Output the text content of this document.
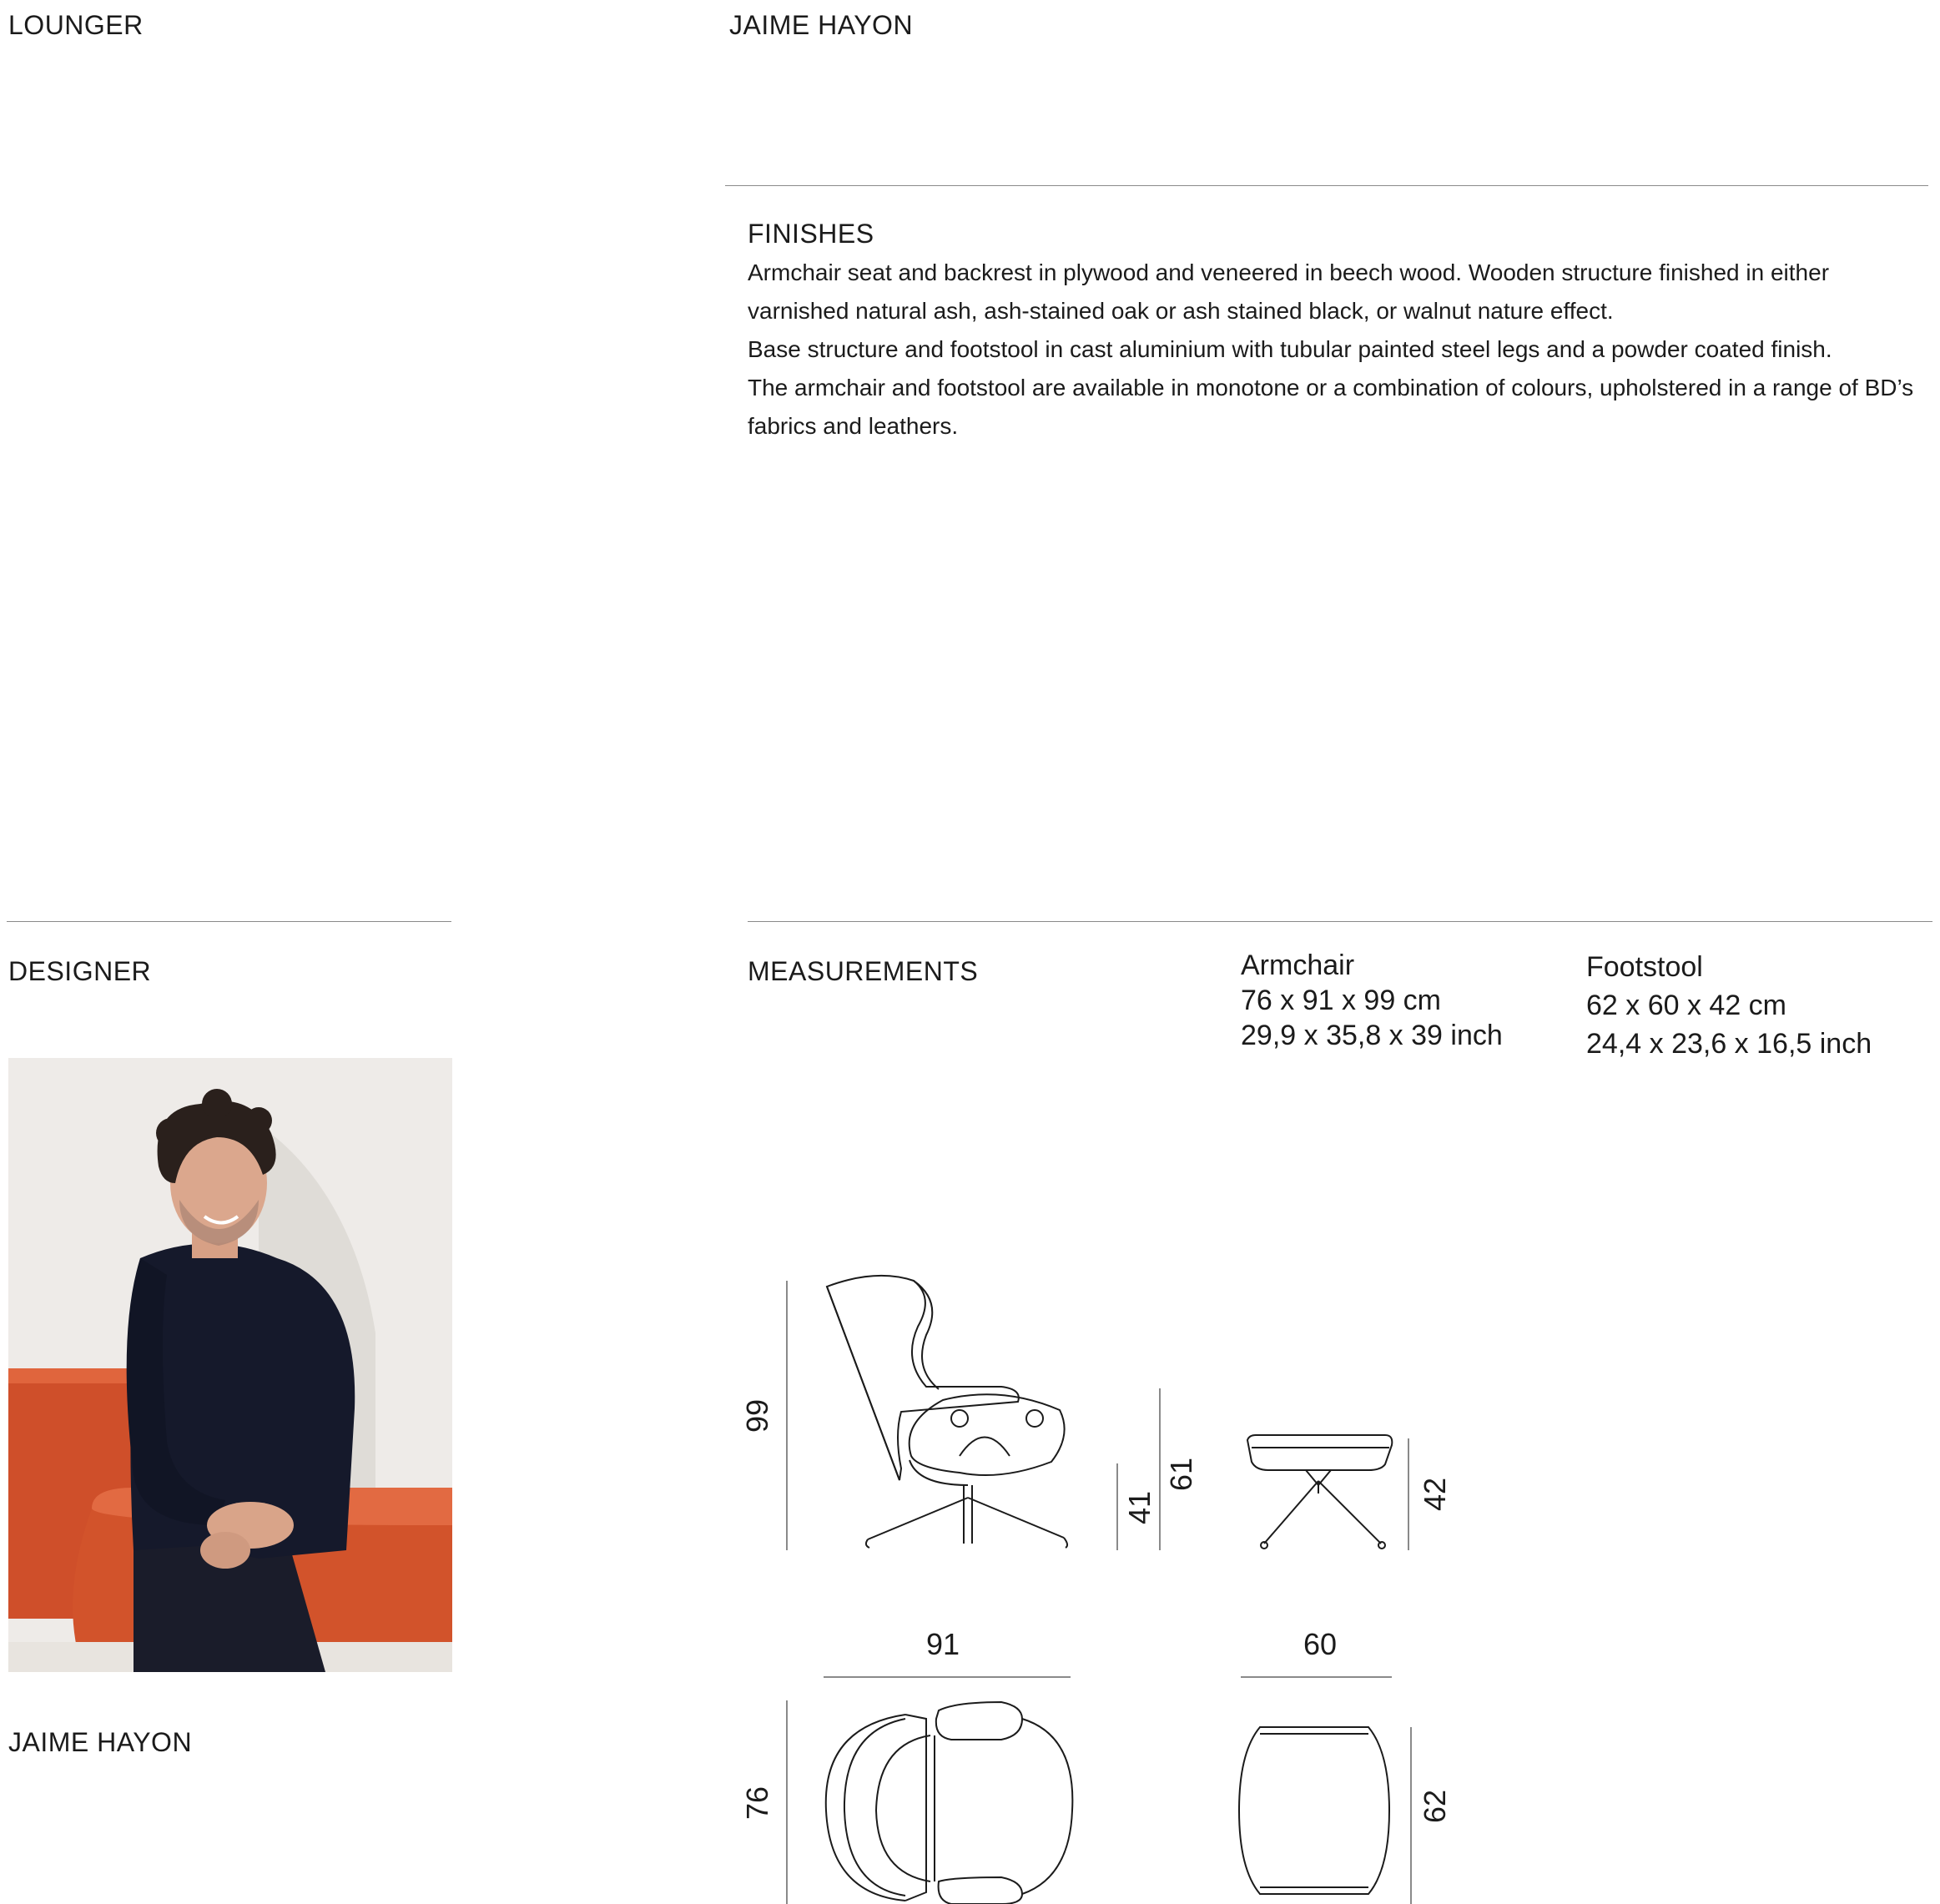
LOUNGER	JAIME HAYON
FINISHES

Armchair seat and backrest in plywood and veneered in beech wood. Wooden structure finished in either varnished natural ash, ash-stained oak or ash stained black, or walnut nature effect.

Base structure and footstool in cast aluminium with tubular painted steel legs and a powder coated finish.

The armchair and footstool are available in monotone or a combination of colours, upholstered in a range of BD’s fabrics and leathers.

DESIGNER
JAIME HAYON
MEASUREMENTS	Armchair
76 x 91 x 99 cm
29,9 x 35,8 x 39 inch
Footstool
62 x 60 x 42 cm
24,4 x 23,6 x 16,5 inch
99
41
61
42
91	60
76	62
